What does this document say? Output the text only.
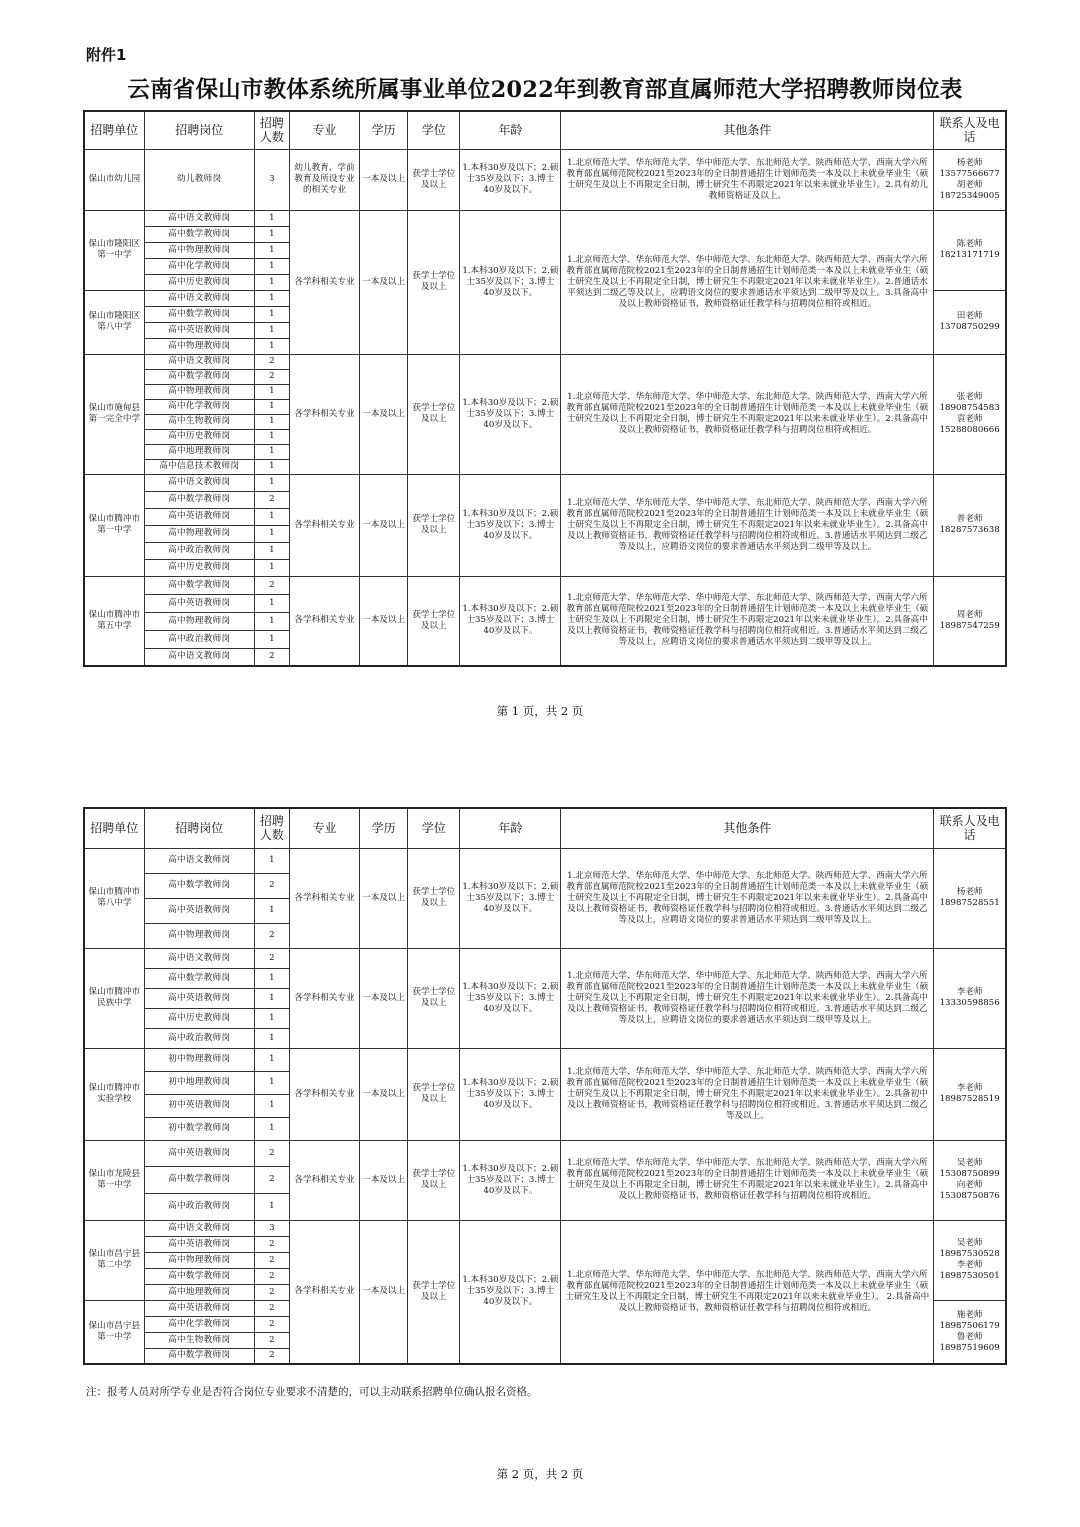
附件1
云南省保山市教体系统所属事业单位2022年到教育部直属师范大学招聘教师岗位表
招聘单位	招聘岗位	招聘人数	专业	学历	学位	年龄	其他条件	联系人及电话
保山市幼儿园	幼儿教师岗	3	幼儿教育、学前教育及所设专业的相关专业	一本及以上	获学士学位及以上	1.本科30岁及以下；2.硕士35岁及以下；3.博士40岁及以下。	1.北京师范大学、华东师范大学、华中师范大学、东北师范大学、陕西师范大学、西南大学六所教育部直属师范院校2021至2023年的全日制普通招生计划师范类一本及以上未就业毕业生（硕士研究生及以上不再限定全日制，博士研究生不再限定2021年以来未就业毕业生）。2.具有幼儿教师资格证及以上。	杨老师13577566677胡老师18725349005
保山市隆阳区第一中学	高中语文教师岗	1	各学科相关专业	一本及以上	获学士学位及以上	1.本科30岁及以下；2.硕士35岁及以下；3.博士40岁及以下。	1.北京师范大学、华东师范大学、华中师范大学、东北师范大学、陕西师范大学、西南大学六所教育部直属师范院校2021至2023年的全日制普通招生计划师范类一本及以上未就业毕业生（硕士研究生及以上不再限定全日制，博士研究生不再限定2021年以来未就业毕业生）。2.普通话水平须达到二级乙等及以上，应聘语文岗位的要求普通话水平须达到二级甲等及以上。3.具备高中及以上教师资格证书，教师资格证任教学科与招聘岗位相符或相近。	陈老师18213171719
	高中数学教师岗	1						
	高中物理教师岗	1						
	高中化学教师岗	1						
	高中历史教师岗	1						
保山市隆阳区第八中学	高中语文教师岗	1						田老师13708750299
	高中数学教师岗	1						
	高中英语教师岗	1						
	高中物理教师岗	1						
保山市施甸县第一完全中学	高中语文教师岗	2	各学科相关专业	一本及以上	获学士学位及以上	1.本科30岁及以下；2.硕士35岁及以下；3.博士40岁及以下。	1.北京师范大学、华东师范大学、华中师范大学、东北师范大学、陕西师范大学、西南大学六所教育部直属师范院校2021至2023年的全日制普通招生计划师范类一本及以上未就业毕业生（硕士研究生及以上不再限定全日制，博士研究生不再限定2021年以来未就业毕业生）。2.具备高中及以上教师资格证书，教师资格证任教学科与招聘岗位相符或相近。	张老师18908754583袁老师15288080666
	高中数学教师岗	2						
	高中物理教师岗	1						
	高中化学教师岗	1						
	高中生物教师岗	1						
	高中历史教师岗	1						
	高中地理教师岗	1						
	高中信息技术教师岗	1						
保山市腾冲市第一中学	高中语文教师岗	1	各学科相关专业	一本及以上	获学士学位及以上	1.本科30岁及以下；2.硕士35岁及以下；3.博士40岁及以下。	1.北京师范大学、华东师范大学、华中师范大学、东北师范大学、陕西师范大学、西南大学六所教育部直属师范院校2021至2023年的全日制普通招生计划师范类一本及以上未就业毕业生（硕士研究生及以上不再限定全日制，博士研究生不再限定2021年以来未就业毕业生）。2.具备高中及以上教师资格证书，教师资格证任教学科与招聘岗位相符或相近。3.普通话水平须达到二级乙等及以上，应聘语文岗位的要求普通话水平须达到二级甲等及以上。	普老师18287573638
	高中数学教师岗	2						
	高中英语教师岗	1						
	高中物理教师岗	1						
	高中政治教师岗	1						
	高中历史教师岗	1						
保山市腾冲市第五中学	高中数学教师岗	2	各学科相关专业	一本及以上	获学士学位及以上	1.本科30岁及以下；2.硕士35岁及以下；3.博士40岁及以下。	1.北京师范大学、华东师范大学、华中师范大学、东北师范大学、陕西师范大学、西南大学六所教育部直属师范院校2021至2023年的全日制普通招生计划师范类一本及以上未就业毕业生（硕士研究生及以上不再限定全日制，博士研究生不再限定2021年以来未就业毕业生）。2.具备高中及以上教师资格证书，教师资格证任教学科与招聘岗位相符或相近。3.普通话水平须达到二级乙等及以上，应聘语文岗位的要求普通话水平须达到二级甲等及以上。	周老师18987547259
	高中英语教师岗	1						
	高中物理教师岗	1						
	高中政治教师岗	1						
	高中语文教师岗	2						
第 1 页，共 2 页
招聘单位	招聘岗位	招聘人数	专业	学历	学位	年龄	其他条件	联系人及电话
保山市腾冲市第八中学	高中语文教师岗	1	各学科相关专业	一本及以上	获学士学位及以上	1.本科30岁及以下；2.硕士35岁及以下；3.博士40岁及以下。	1.北京师范大学、华东师范大学、华中师范大学、东北师范大学、陕西师范大学、西南大学六所教育部直属师范院校2021至2023年的全日制普通招生计划师范类一本及以上未就业毕业生（硕士研究生及以上不再限定全日制，博士研究生不再限定2021年以来未就业毕业生）。2.具备高中及以上教师资格证书，教师资格证任教学科与招聘岗位相符或相近。3.普通话水平须达到二级乙等及以上，应聘语文岗位的要求普通话水平须达到二级甲等及以上。	杨老师18987528551
	高中数学教师岗	2						
	高中英语教师岗	1						
	高中物理教师岗	2						
保山市腾冲市民族中学	高中语文教师岗	2	各学科相关专业	一本及以上	获学士学位及以上	1.本科30岁及以下；2.硕士35岁及以下；3.博士40岁及以下。	1.北京师范大学、华东师范大学、华中师范大学、东北师范大学、陕西师范大学、西南大学六所教育部直属师范院校2021至2023年的全日制普通招生计划师范类一本及以上未就业毕业生（硕士研究生及以上不再限定全日制，博士研究生不再限定2021年以来未就业毕业生）。2.具备高中及以上教师资格证书，教师资格证任教学科与招聘岗位相符或相近。3.普通话水平须达到二级乙等及以上，应聘语文岗位的要求普通话水平须达到二级甲等及以上。	李老师13330598856
	高中数学教师岗	1						
	高中英语教师岗	1						
	高中历史教师岗	1						
	高中政治教师岗	1						
保山市腾冲市实验学校	初中物理教师岗	1	各学科相关专业	一本及以上	获学士学位及以上	1.本科30岁及以下；2.硕士35岁及以下；3.博士40岁及以下。	1.北京师范大学、华东师范大学、华中师范大学、东北师范大学、陕西师范大学、西南大学六所教育部直属师范院校2021至2023年的全日制普通招生计划师范类一本及以上未就业毕业生（硕士研究生及以上不再限定全日制，博士研究生不再限定2021年以来未就业毕业生）。2.具备初中及以上教师资格证书，教师资格证任教学科与招聘岗位相符或相近。3.普通话水平须达到二级乙等及以上。	李老师18987528519
	初中地理教师岗	1						
	初中英语教师岗	1						
	初中数学教师岗	1						
保山市龙陵县第一中学	高中英语教师岗	2	各学科相关专业	一本及以上	获学士学位及以上	1.本科30岁及以下；2.硕士35岁及以下；3.博士40岁及以下。	1.北京师范大学、华东师范大学、华中师范大学、东北师范大学、陕西师范大学、西南大学六所教育部直属师范院校2021至2023年的全日制普通招生计划师范类一本及以上未就业毕业生（硕士研究生及以上不再限定全日制，博士研究生不再限定2021年以来未就业毕业生）。2.具备高中及以上教师资格证书，教师资格证任教学科与招聘岗位相符或相近。	吴老师15308750899向老师15308750876
	高中数学教师岗	2						
	高中政治教师岗	1						
保山市昌宁县第二中学	高中语文教师岗	3	各学科相关专业	一本及以上	获学士学位及以上	1.本科30岁及以下；2.硕士35岁及以下；3.博士40岁及以下。	1.北京师范大学、华东师范大学、华中师范大学、东北师范大学、陕西师范大学、西南大学六所教育部直属师范院校2021至2023年的全日制普通招生计划师范类一本及以上未就业毕业生（硕士研究生及以上不再限定全日制，博士研究生不再限定2021年以来未就业毕业生）。 2.具备高中及以上教师资格证书，教师资格证任教学科与招聘岗位相符或相近。	吴老师18987530528李老师18987530501
	高中英语教师岗	2						
	高中物理教师岗	2						
	高中数学教师岗	2						
	高中地理教师岗	2						
保山市昌宁县第一中学	高中英语教师岗	2						施老师18987506179鲁老师18987519609
	高中化学教师岗	2						
	高中生物教师岗	2						
	高中数学教师岗	2						
注：报考人员对所学专业是否符合岗位专业要求不清楚的，可以主动联系招聘单位确认报名资格。
第 2 页，共 2 页
